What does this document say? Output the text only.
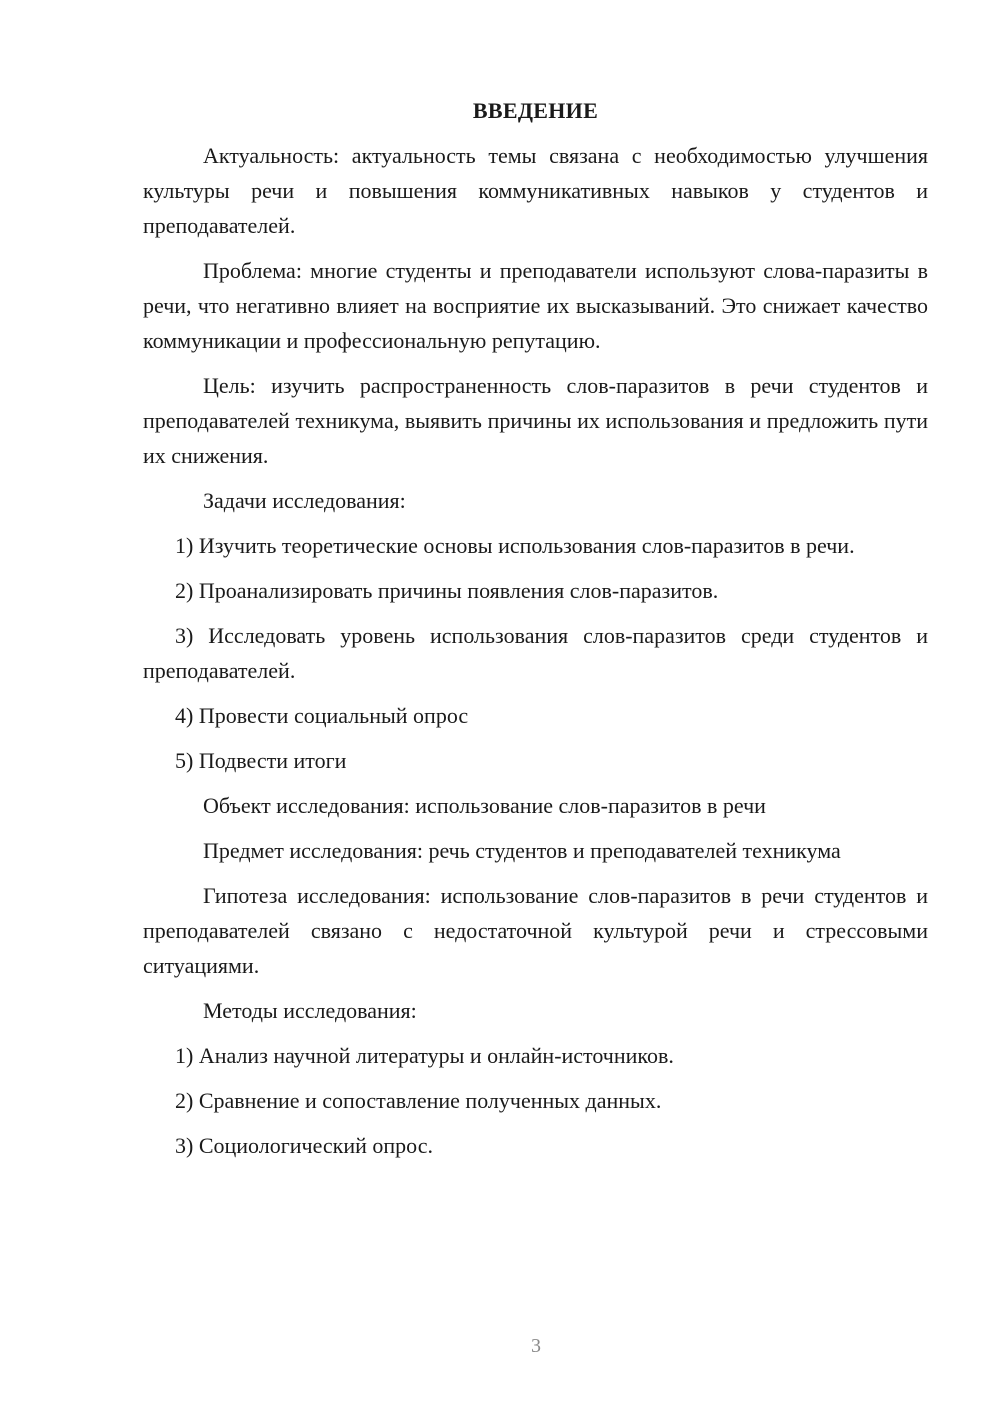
ВВЕДЕНИЕ

Актуальность: актуальность темы связана с необходимостью улучшения культуры речи и повышения коммуникативных навыков у студентов и преподавателей.

Проблема: многие студенты и преподаватели используют слова-паразиты в речи, что негативно влияет на восприятие их высказываний. Это снижает качество коммуникации и профессиональную репутацию.

Цель: изучить распространенность слов-паразитов в речи студентов и преподавателей техникума, выявить причины их использования и предложить пути их снижения.

Задачи исследования:

1) Изучить теоретические основы использования слов-паразитов в речи.

2) Проанализировать причины появления слов-паразитов.

3) Исследовать уровень использования слов-паразитов среди студентов и преподавателей.

4) Провести социальный опрос

5) Подвести итоги

Объект исследования: использование слов-паразитов в речи

Предмет исследования: речь студентов и преподавателей техникума

Гипотеза исследования: использование слов-паразитов в речи студентов и преподавателей связано с недостаточной культурой речи и стрессовыми ситуациями.

Методы исследования:

1) Анализ научной литературы и онлайн-источников.

2) Сравнение и сопоставление полученных данных.

3) Социологический опрос.

3
